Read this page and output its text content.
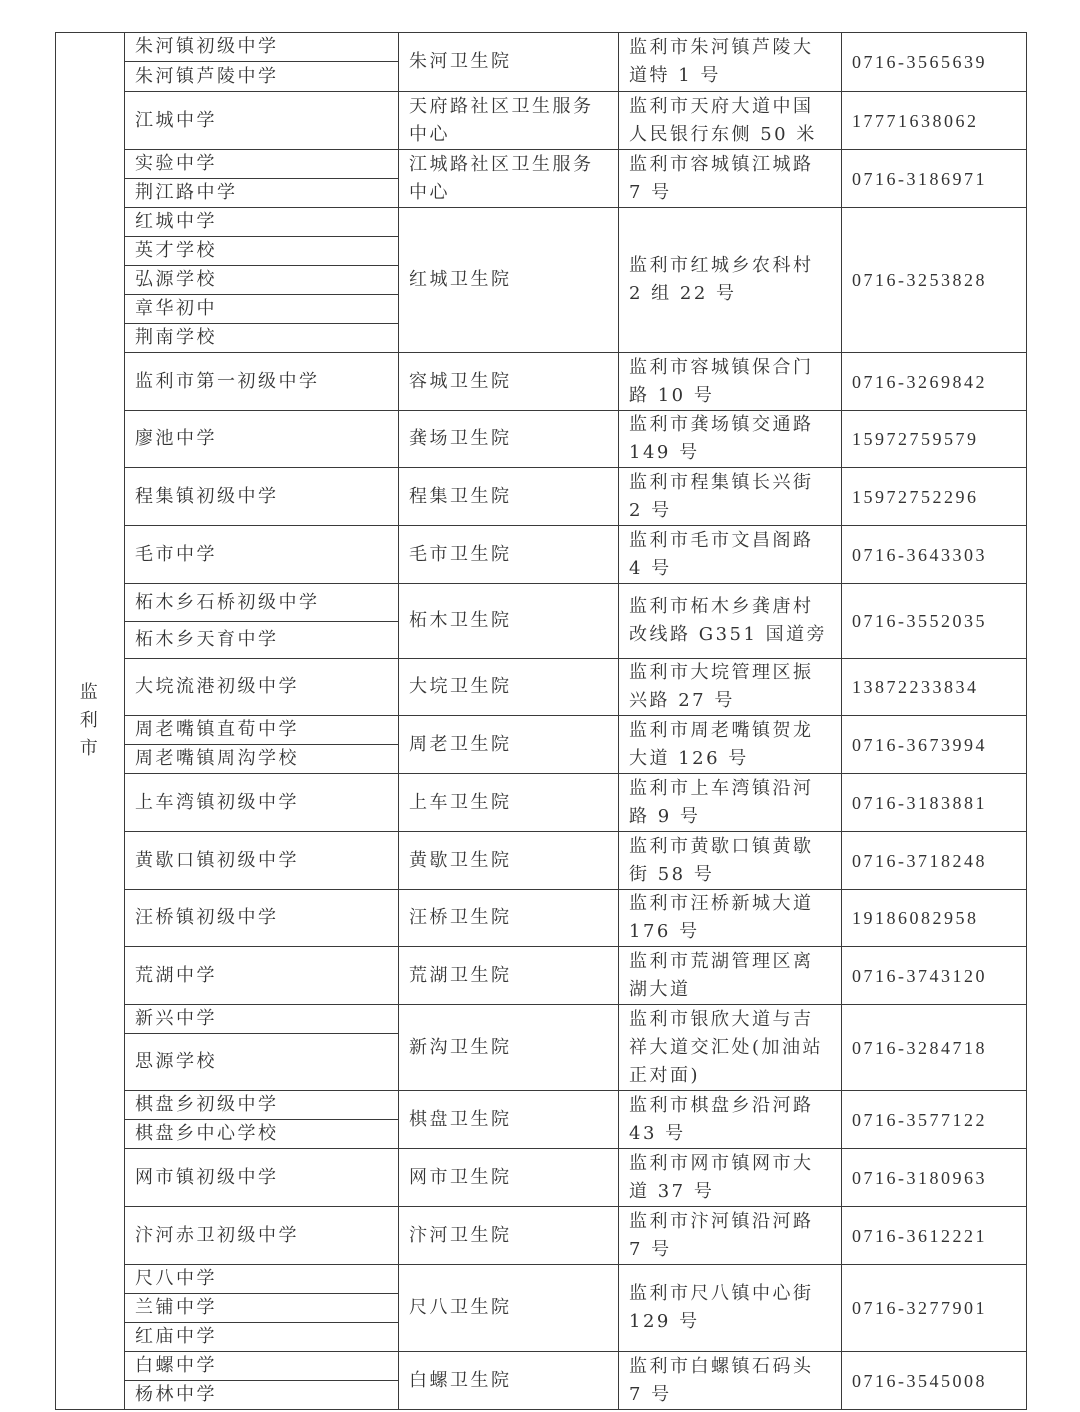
监利市	朱河镇初级中学	朱河卫生院	监利市朱河镇芦陵大道特 1 号	0716-3565639
	朱河镇芦陵中学			
	江城中学	天府路社区卫生服务中心	监利市天府大道中国人民银行东侧 50 米	17771638062
	实验中学	江城路社区卫生服务中心	监利市容城镇江城路 7 号	0716-3186971
	荆江路中学			
	红城中学	红城卫生院	监利市红城乡农科村 2 组 22 号	0716-3253828
	英才学校			
	弘源学校			
	章华初中			
	荆南学校			
	监利市第一初级中学	容城卫生院	监利市容城镇保合门路 10 号	0716-3269842
	廖池中学	龚场卫生院	监利市龚场镇交通路 149 号	15972759579
	程集镇初级中学	程集卫生院	监利市程集镇长兴街 2 号	15972752296
	毛市中学	毛市卫生院	监利市毛市文昌阁路 4 号	0716-3643303
	柘木乡石桥初级中学	柘木卫生院	监利市柘木乡龚唐村改线路 G351 国道旁	0716-3552035
	柘木乡天育中学			
	大垸流港初级中学	大垸卫生院	监利市大垸管理区振兴路 27 号	13872233834
	周老嘴镇直荀中学	周老卫生院	监利市周老嘴镇贺龙大道 126 号	0716-3673994
	周老嘴镇周沟学校			
	上车湾镇初级中学	上车卫生院	监利市上车湾镇沿河路 9 号	0716-3183881
	黄歇口镇初级中学	黄歇卫生院	监利市黄歇口镇黄歇街 58 号	0716-3718248
	汪桥镇初级中学	汪桥卫生院	监利市汪桥新城大道 176 号	19186082958
	荒湖中学	荒湖卫生院	监利市荒湖管理区离湖大道	0716-3743120
	新兴中学	新沟卫生院	监利市银欣大道与吉祥大道交汇处(加油站正对面)	0716-3284718
	思源学校			
	棋盘乡初级中学	棋盘卫生院	监利市棋盘乡沿河路 43 号	0716-3577122
	棋盘乡中心学校			
	网市镇初级中学	网市卫生院	监利市网市镇网市大道 37 号	0716-3180963
	汴河赤卫初级中学	汴河卫生院	监利市汴河镇沿河路 7 号	0716-3612221
	尺八中学	尺八卫生院	监利市尺八镇中心街 129 号	0716-3277901
	兰铺中学			
	红庙中学			
	白螺中学	白螺卫生院	监利市白螺镇石码头 7 号	0716-3545008
	杨林中学			
